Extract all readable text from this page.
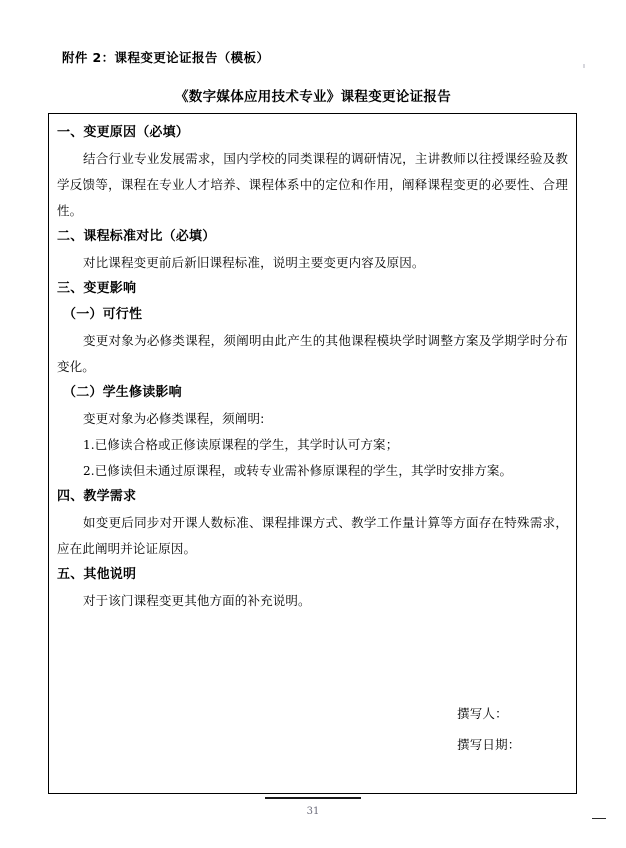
附件 2：课程变更论证报告（模板）
《数字媒体应用技术专业》课程变更论证报告
一、变更原因（必填）
结合行业专业发展需求，国内学校的同类课程的调研情况，主讲教师以往授课经验及教学反馈等，课程在专业人才培养、课程体系中的定位和作用，阐释课程变更的必要性、合理性。
二、课程标准对比（必填）
对比课程变更前后新旧课程标准，说明主要变更内容及原因。
三、变更影响
（一）可行性
变更对象为必修类课程，须阐明由此产生的其他课程模块学时调整方案及学期学时分布变化。
（二）学生修读影响
变更对象为必修类课程，须阐明:
1.已修读合格或正修读原课程的学生，其学时认可方案；
2.已修读但未通过原课程，或转专业需补修原课程的学生，其学时安排方案。
四、教学需求
如变更后同步对开课人数标准、课程排课方式、教学工作量计算等方面存在特殊需求，应在此阐明并论证原因。
五、其他说明
对于该门课程变更其他方面的补充说明。
撰写人：
撰写日期：
31
